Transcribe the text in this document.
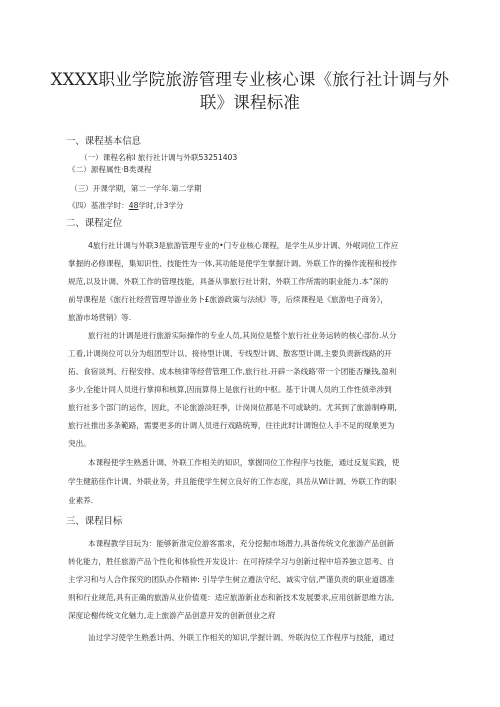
XXXX职业学院旅游管理专业核心课《旅行社计调与外
联》课程标准
一、课程基本信息
（一）课程名称I 旅行社计调与外联53251403
《二）源程属性·B类课程
（三）开课学期，第二一学年.第二学期
《四）基准学时：48学时,计3学分
二、课程定位
4旅行社计调与外联3是旅游管理专业的•门专业核心课程，是学生从步计调、外岷词位工作应
掌握的必修课程，集知识性、技能性为一体,其功能是使学生掌握计调、外联工作的操作流程和授作
规范,以及计调、外联工作的管理技能，具备从事旅行社计附、外联工作所需的职业能力.本“深的
前导课程是《旅行社经营管理导游业务卜£旅游政策与法绒》等，后续课程是《旅游电子商务》，
旅游市场营销》等.
旅行社的计调是进行旅游实际操作的专业人员,其岗位是整个旅行社业务运转的核心部份.从分
工看,计调岗位可以分为组团型计以、接待型计调、专线型计调、散客型计调,主要负责新线路的开
拓、食宿谈判、行程安排、成本核律等经营管理工作,旅行社.开辟一条线路'带一个团能否赚钱,盈利
多少,全能计同人员进行掌抑和核算,因而算得上是旅行社的中枢。基于计调人员的工作性侦牵涉到
旅行社多个部门的运作，因此，不论旅游淡旺季，计岗岗位都是不可或缺的。尤其到了旅游制峥期,
旅行社推出多条範路，需要更多的计调人员进行戏路统筹，往往此时计调饱位人手不足的现象更为
突出。
本课程使学生熟悉计调、外联工作相关的知识，掌握同位工作程序与技能，通过反复实践，使
学生健筋佳作计调、外联业务，并且能使学生树立良好的工作态度，具岳从Wi计调、外联工作的职
业素养.
三、课程目标
本课程教学目玩为：能够新准定位游客需求，充分挖掘市场潜力,具备传统文化旅游产品创新
转化能力，胜任旅游产品个性化和体验性开发设计：在可持续学习与创新过程中培养独立思考、自
主学习和与人合作探究的团队办作精神: 引导学生树立遵法守纪、诚实守信,严谨负责的职业道德准
则和行业规范,具有正确的旅游从业价值观：适应旅游新业态和新技术发展要求,应用创新思维方法,
深度论榭传统文化魅力,走上旅游产品创意开发的创新创业之府
汕过学习使学生熟悉计两、外联工作相关的知识,学握计调、外联沟位工作程序与技能，通过
